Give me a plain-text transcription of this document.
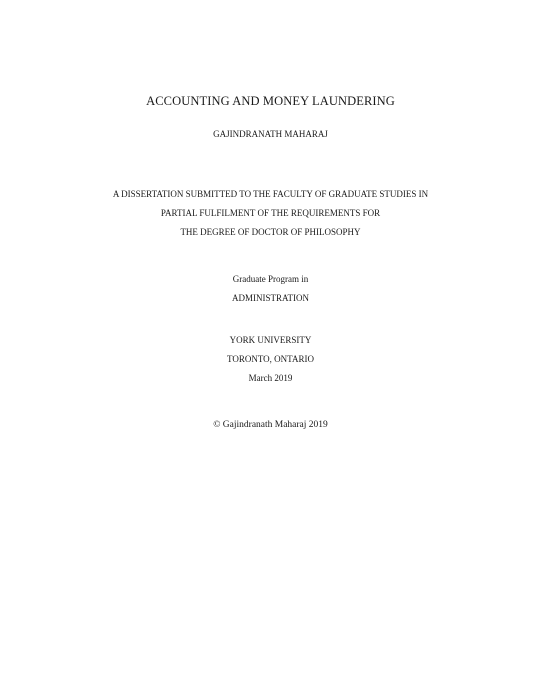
ACCOUNTING AND MONEY LAUNDERING
GAJINDRANATH MAHARAJ
A DISSERTATION SUBMITTED TO THE FACULTY OF GRADUATE STUDIES IN
PARTIAL FULFILMENT OF THE REQUIREMENTS FOR
THE DEGREE OF DOCTOR OF PHILOSOPHY
Graduate Program in
ADMINISTRATION
YORK UNIVERSITY
TORONTO, ONTARIO
March 2019
© Gajindranath Maharaj 2019
